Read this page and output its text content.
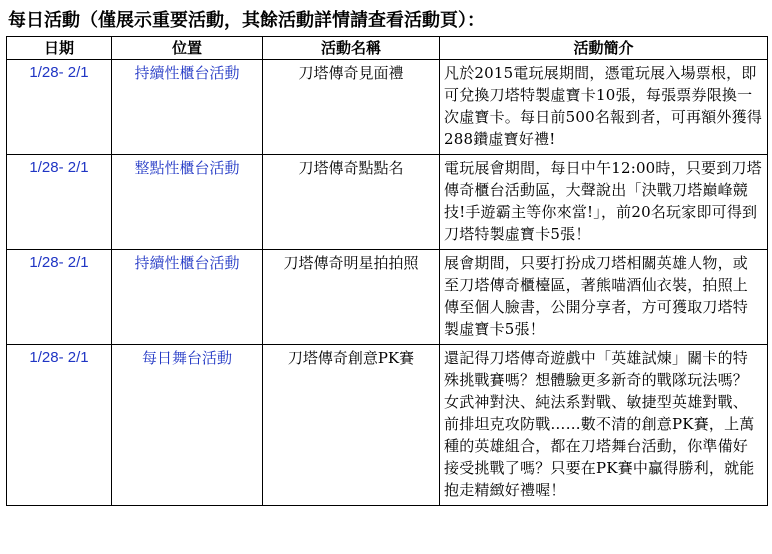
每日活動（僅展示重要活動，其餘活動詳情請查看活動頁）：
日期	位置	活動名稱	活動簡介
1/28- 2/1	持續性櫃台活動	刀塔傳奇見面禮	凡於2015電玩展期間，憑電玩展入場票根，即可兌換刀塔特製虛寶卡10張，每張票券限換一次虛寶卡。每日前500名報到者，可再額外獲得288鑽虛寶好禮!
1/28- 2/1	整點性櫃台活動	刀塔傳奇點點名	電玩展會期間，每日中午12:00時，只要到刀塔傳奇櫃台活動區，大聲說出「決戰刀塔巔峰競技!手遊霸主等你來當!」，前20名玩家即可得到刀塔特製虛寶卡5張！
1/28- 2/1	持續性櫃台活動	刀塔傳奇明星拍拍照	展會期間，只要打扮成刀塔相關英雄人物，或至刀塔傳奇櫃檯區，著熊喵酒仙衣裝，拍照上傳至個人臉書，公開分享者，方可獲取刀塔特製虛寶卡5張！
1/28- 2/1	每日舞台活動	刀塔傳奇創意PK賽	還記得刀塔傳奇遊戲中「英雄試煉」關卡的特殊挑戰賽嗎？想體驗更多新奇的戰隊玩法嗎？女武神對決、純法系對戰、敏捷型英雄對戰、前排坦克攻防戰……數不清的創意PK賽，上萬種的英雄組合，都在刀塔舞台活動，你準備好接受挑戰了嗎？只要在PK賽中贏得勝利，就能抱走精緻好禮喔！
